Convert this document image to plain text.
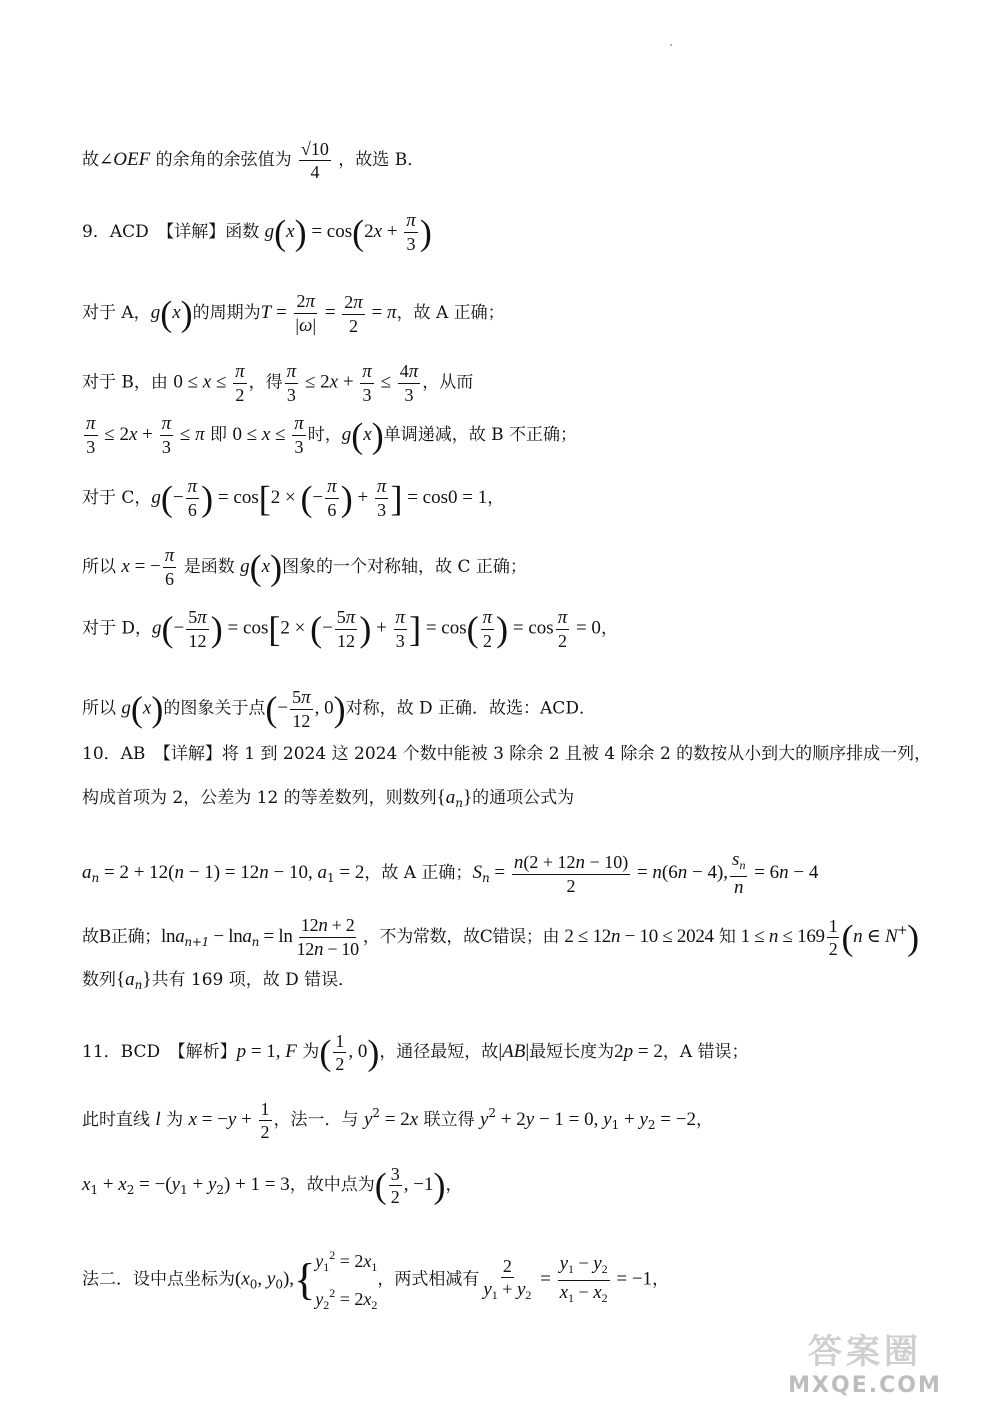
故∠OEF 的余角的余弦值为 $\frac{√10}{4}$ ，故选 B．
9．ACD　【详解】函数 $g(x) = \cos(2x + \frac{\pi}{3}$ )
对于 A，g(x)的周期为$T = \frac{2\pi}{|\omega|} = \frac{2\pi}{2} = \pi$，故 A 正确；
对于 B，由 $0 \le x \le \frac{\pi}{2}$ ，得 $\frac{\pi}{3} \le 2x + \frac{\pi}{3} \le \frac{4\pi}{3}$ ，从而
$\frac{\pi}{3} \le 2x + \frac{\pi}{3} \le \pi$ 即 $0 \le x \le \frac{\pi}{3}$ 时，g(x)单调递减，故 B 不正确；
对于 C，$g(- \frac{\pi}{6}$ ) = cos[2 × (− $\frac{\pi}{6}$ ) + $\frac{\pi}{3}$ ] = cos0 = 1，
所以 x = − $\frac{\pi}{6}$ 是函数 g(x)图象的一个对称轴，故 C 正确；
对于 D，$g(- \frac{5\pi}{12}$ ) = cos[2 × (− $\frac{5\pi}{12}$ ) + $\frac{\pi}{3}$ ] = $\cos( \frac{\pi}{2}$ ) = $\cos \frac{\pi}{2} = 0$，
所以 g(x)的图象关于点(− $\frac{5\pi}{12}$ , 0)对称，故 D 正确．故选：ACD．
10．AB　【详解】将 1 到 2024 这 2024 个数中能被 3 除余 2 且被 4 除余 2 的数按从小到大的顺序排成一列，
构成首项为 2，公差为 12 的等差数列，则数列$\{a_n\}$的通项公式为
$a_n = 2 + 12(n - 1) = 12n - 10$, $a_1 = 2$，故 A 正确；$S_n = \frac{n(2 + 12n - 10)}{2} = n(6n - 4)$, $\frac{s_n}{n} = 6n - 4$
故B正确；$\ln a_{n+1} - \ln a_n = \ln \frac{12n + 2}{12n - 10}$ ，不为常数，故C错误；由 2 ≤ 12n − 10 ≤ 2024 知 $1 \le n \le 169 \frac{1}{2} (n$ ∈ N+)
数列$\{a_n\}$共有 169 项，故 D 错误．
11．BCD　【解析】p = 1, F 为( $\frac{1}{2}$ , 0)，通径最短，故|AB|最短长度为2p = 2，A 错误；
此时直线 l 为 $x = -y + \frac{1}{2}$ ，法一．与 $y^2 = 2x$ 联立得 $y^2 + 2y - 1 = 0$, $y_1 + y_2 = -2$，
$x_1 + x_2 = -(y_1 + y_2) + 1 = 3$，故中点为( $\frac{3}{2}$ , −1)，
法二．设中点坐标为($x_0$, $y_0$),{ $y_1^2 = 2x_1$
$y_2^2 = 2x_2$
，两式相减有 $\frac{2}{y_1 + y_2} = \frac{y_1 - y_2}{x_1 - x_2} = -1$，
答案圈
MXQE.COM
